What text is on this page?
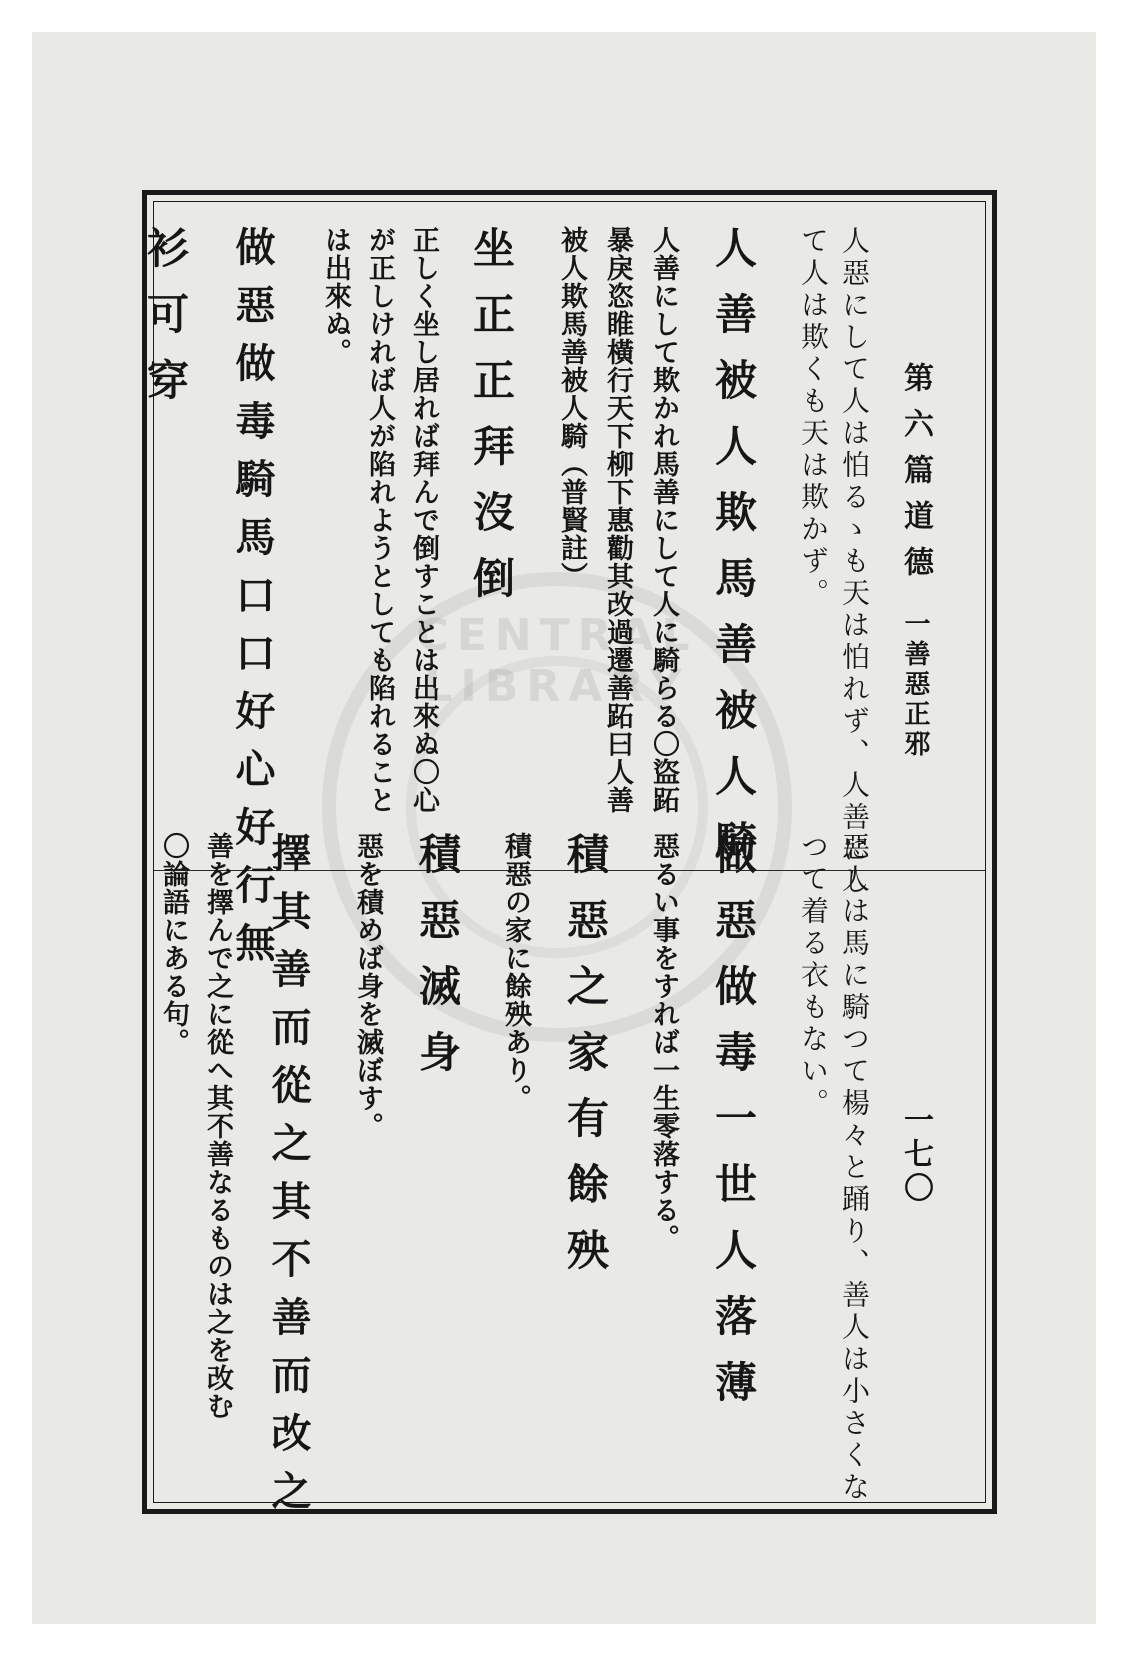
CENTRAL LIBRARY
第六篇道德一善惡正邪
一七〇
人惡にして人は怕るゝも天は怕れず、人善にし
て人は欺くも天は欺かず。
人善被人欺馬善被人騎
人善にして欺かれ馬善にして人に騎らる〇盜跖
暴戾恣睢橫行天下柳下惠勸其改過遷善跖曰人善
被人欺馬善被人騎（普賢註）
坐正正拜沒倒
正しく坐し居れば拜んで倒すことは出來ぬ〇心
が正しければ人が陷れようとしても陷れること
は出來ぬ。
做惡做毒騎馬口口好心好行無
衫可穿
惡人は馬に騎つて楊々と踊り、善人は小さくな
つて着る衣もない。
做惡做毒一世人落薄
惡るい事をすれば一生零落する。
積惡之家有餘殃
積惡の家に餘殃あり。
積惡滅身
惡を積めば身を滅ぼす。
擇其善而從之其不善而改之
善を擇んで之に從へ其不善なるものは之を改む
〇論語にある句。
